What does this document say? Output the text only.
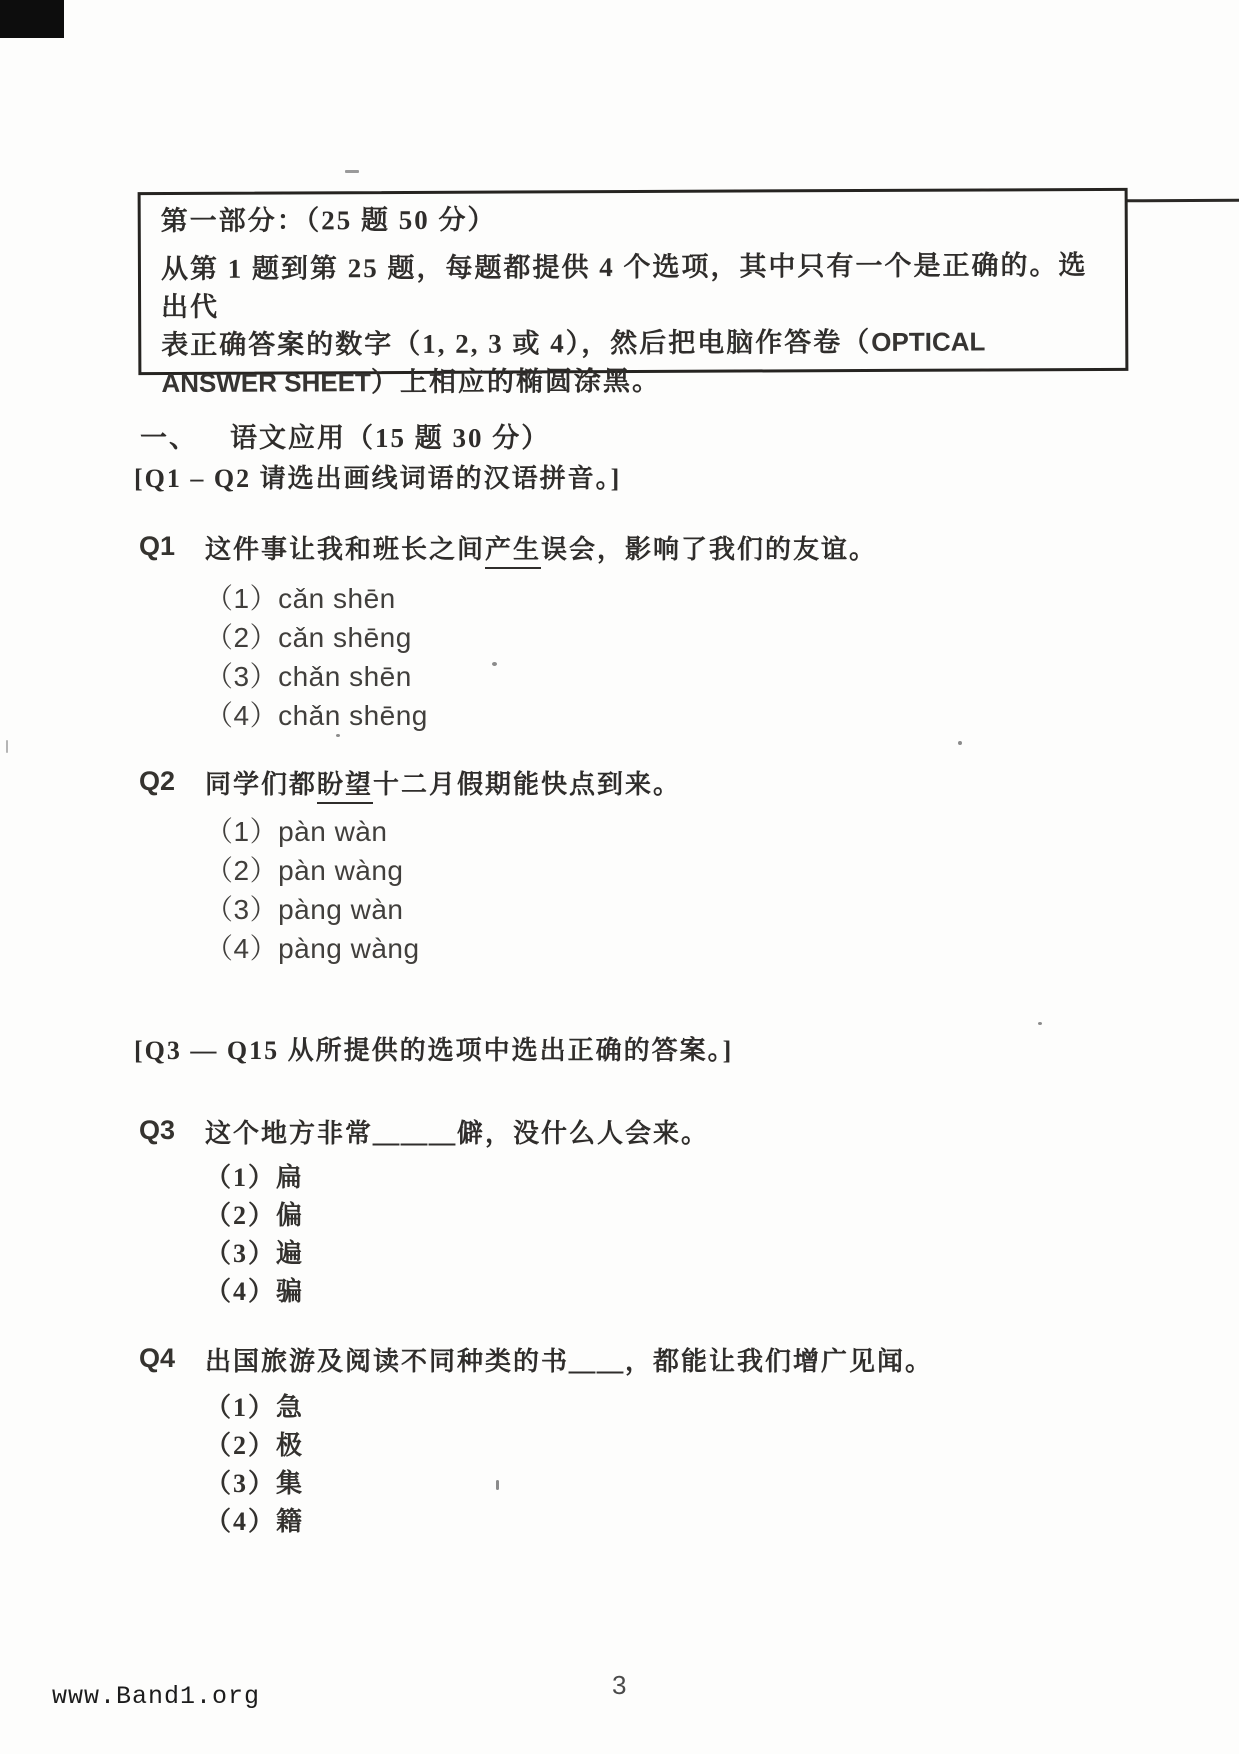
第一部分：（25 题 50 分）
从第 1 题到第 25 题，每题都提供 4 个选项，其中只有一个是正确的。选出代
表正确答案的数字（1, 2, 3 或 4），然后把电脑作答卷（OPTICAL
ANSWER SHEET）上相应的椭圆涂黑。
一、 语文应用（15 题 30 分）
[Q1 – Q2 请选出画线词语的汉语拼音。]
Q1 这件事让我和班长之间产生误会，影响了我们的友谊。
（1）cǎn shēn
（2）cǎn shēng
（3）chǎn shēn
（4）chǎn shēng
Q2 同学们都盼望十二月假期能快点到来。
（1）pàn wàn
（2）pàn wàng
（3）pàng wàn
（4）pàng wàng
[Q3 — Q15 从所提供的选项中选出正确的答案。]
Q3 这个地方非常＿＿＿僻，没什么人会来。
（1）扁
（2）偏
（3）遍
（4）骗
Q4 出国旅游及阅读不同种类的书＿＿，都能让我们增广见闻。
（1）急
（2）极
（3）集
（4）籍
www.Band1.org	3
